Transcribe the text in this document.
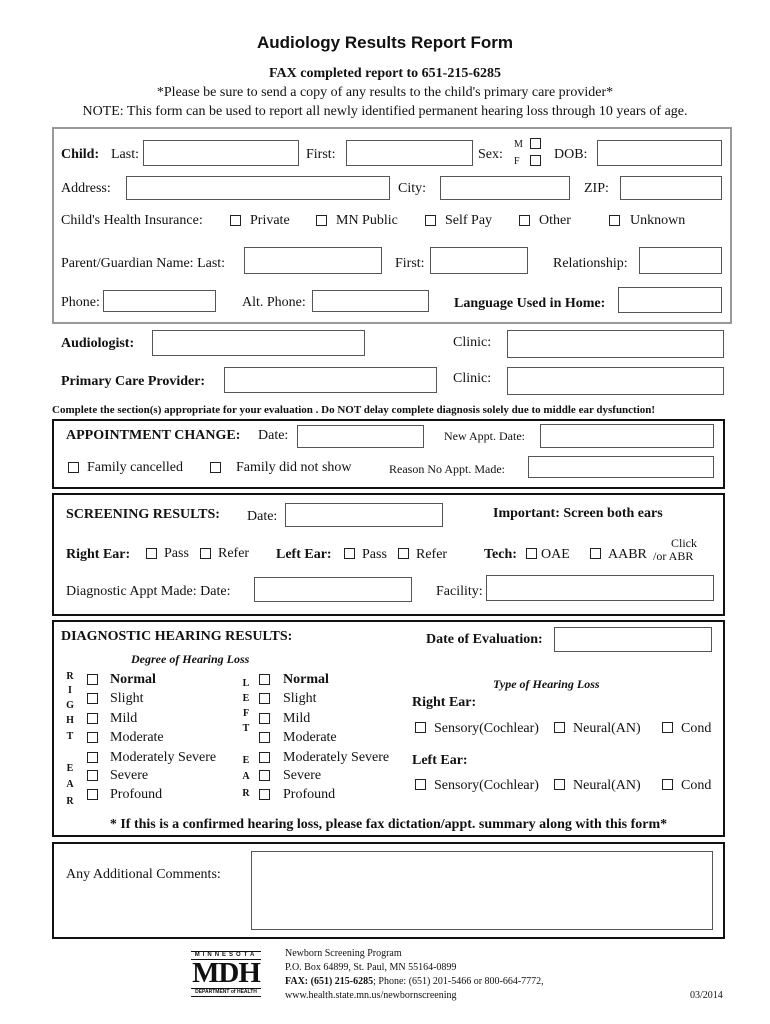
Audiology Results Report Form
FAX completed report to 651-215-6285
*Please be sure to send a copy of any results to the child's primary care provider*
NOTE: This form can be used to report all newly identified permanent hearing loss through 10 years of age.
Child: Last:	First:	Sex:
M
F DOB:
Address:	City:	ZIP:
Child's Health Insurance:	Private	MN Public	Self Pay	Other	Unknown
Parent/Guardian Name: Last:	First:	Relationship:
Phone:	Alt. Phone:	Language Used in Home:
Audiologist:	Clinic:
Primary Care Provider:	Clinic:
Complete the section(s) appropriate for your evaluation . Do NOT delay complete diagnosis solely due to middle ear dysfunction!
APPOINTMENT CHANGE: Date:	New Appt. Date:
Family cancelled	Family did not show	Reason No Appt. Made:
SCREENING RESULTS: Date:	Important: Screen both ears
Right Ear: Pass Refer Left Ear: Pass Refer	Tech: OAE	AABR /or ABR
Click
Diagnostic Appt Made: Date:	Facility:
DIAGNOSTIC HEARING RESULTS:	Date of Evaluation:
Degree of Hearing Loss
R
I
G
H
T
E
A
R
Normal
Slight
Mild
Moderate
Moderately Severe
Severe
Profound
L
E
F
T
E
A
R
Normal
Slight
Mild
Moderate
Moderately Severe
Severe
Profound
Type of Hearing Loss
Right Ear:
Sensory(Cochlear) Neural(AN)	Cond
Left Ear:
Sensory(Cochlear) Neural(AN)	Cond
* If this is a confirmed hearing loss, please fax dictation/appt. summary along with this form*
Any Additional Comments:
MINNESOTA
MDH
DEPARTMENT of HEALTH
Newborn Screening Program
P.O. Box 64899, St. Paul, MN 55164-0899
FAX: (651) 215-6285; Phone: (651) 201-5466 or 800-664-7772,
www.health.state.mn.us/newbornscreening	03/2014
